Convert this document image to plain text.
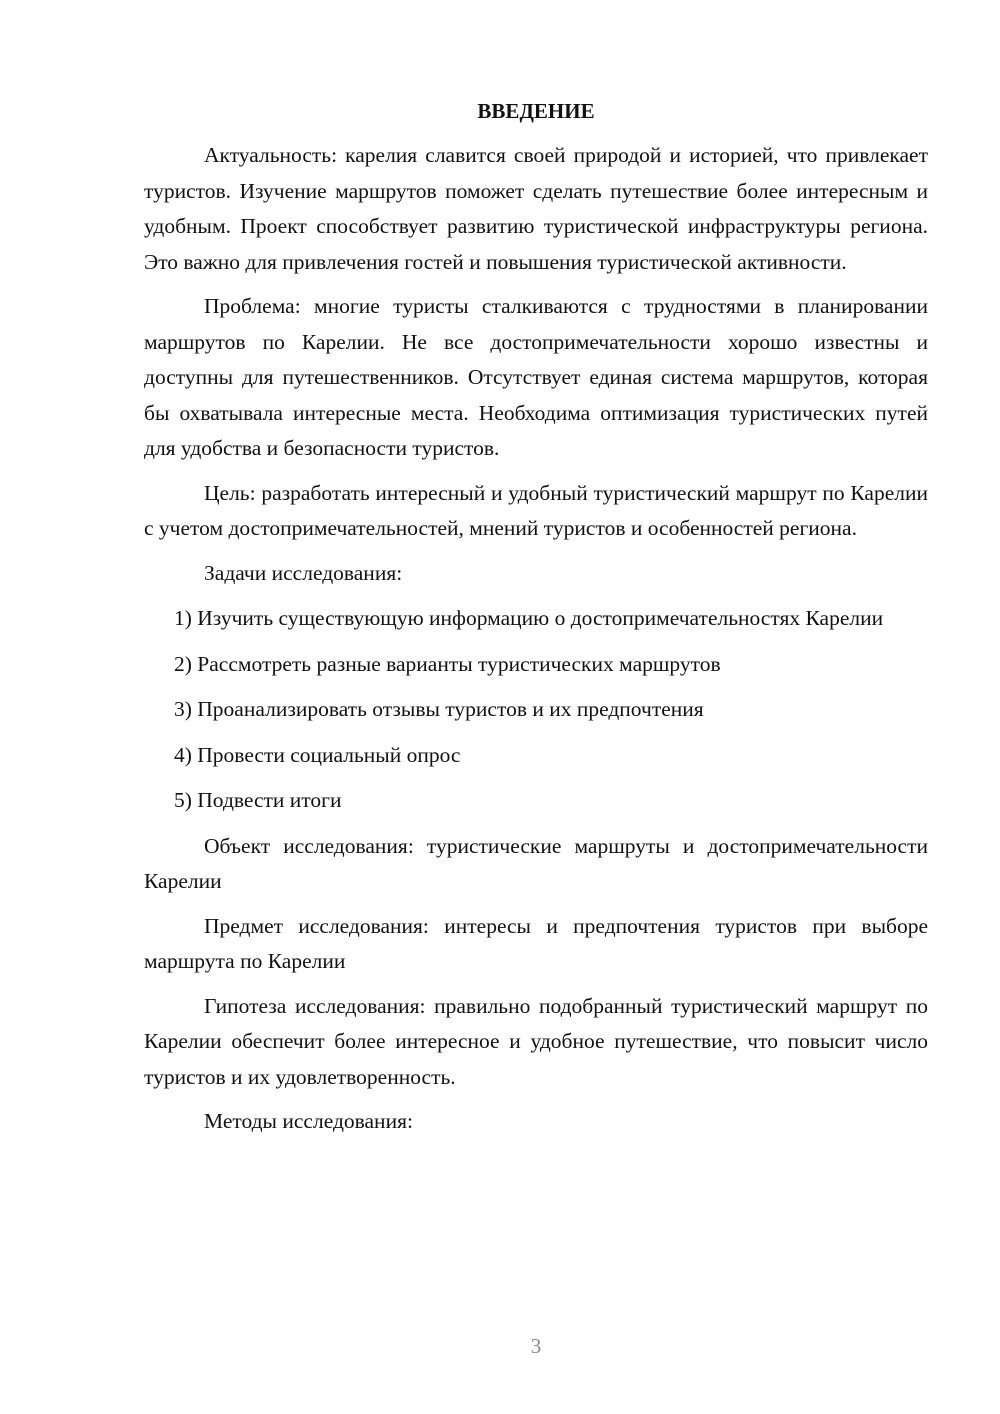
ВВЕДЕНИЕ

Актуальность: карелия славится своей природой и историей, что привлекает туристов. Изучение маршрутов поможет сделать путешествие более интересным и удобным. Проект способствует развитию туристической инфраструктуры региона. Это важно для привлечения гостей и повышения туристической активности.

Проблема: многие туристы сталкиваются с трудностями в планировании маршрутов по Карелии. Не все достопримечательности хорошо известны и доступны для путешественников. Отсутствует единая система маршрутов, которая бы охватывала интересные места. Необходима оптимизация туристических путей для удобства и безопасности туристов.

Цель: разработать интересный и удобный туристический маршрут по Карелии с учетом достопримечательностей, мнений туристов и особенностей региона.

Задачи исследования:

1) Изучить существующую информацию о достопримечательностях Карелии

2) Рассмотреть разные варианты туристических маршрутов

3) Проанализировать отзывы туристов и их предпочтения

4) Провести социальный опрос

5) Подвести итоги

Объект исследования: туристические маршруты и достопримечательности Карелии

Предмет исследования: интересы и предпочтения туристов при выборе маршрута по Карелии

Гипотеза исследования: правильно подобранный туристический маршрут по Карелии обеспечит более интересное и удобное путешествие, что повысит число туристов и их удовлетворенность.

Методы исследования:

3
